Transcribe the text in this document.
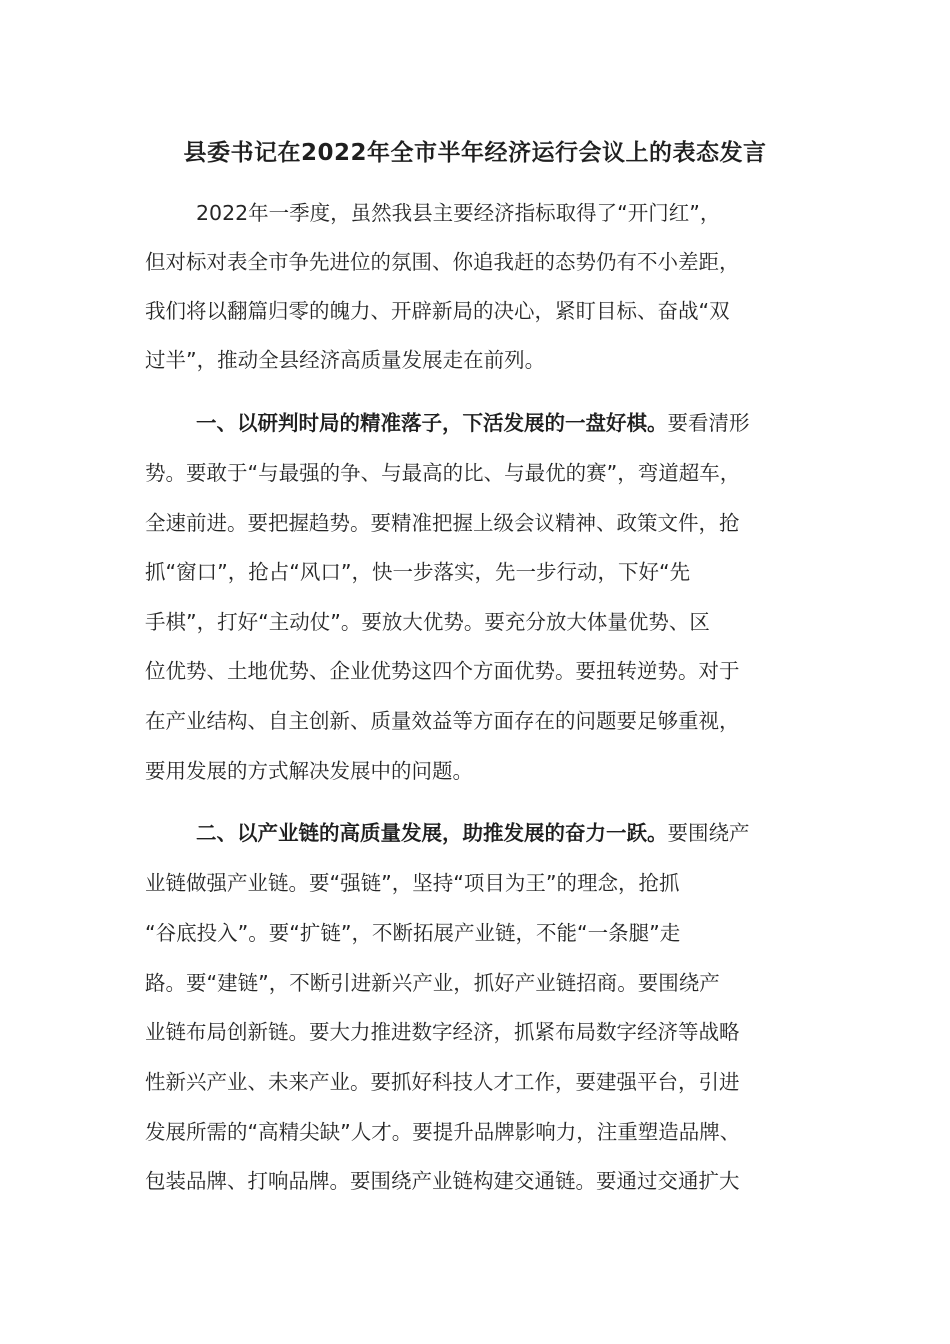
县委书记在2022年全市半年经济运行会议上的表态发言
2022年一季度，虽然我县主要经济指标取得了“开门红”，
但对标对表全市争先进位的氛围、你追我赶的态势仍有不小差距，
我们将以翻篇归零的魄力、开辟新局的决心，紧盯目标、奋战“双
过半”，推动全县经济高质量发展走在前列。
一、以研判时局的精准落子，下活发展的一盘好棋。要看清形
势。要敢于“与最强的争、与最高的比、与最优的赛”，弯道超车，
全速前进。要把握趋势。要精准把握上级会议精神、政策文件，抢
抓“窗口”，抢占“风口”，快一步落实，先一步行动，下好“先
手棋”，打好“主动仗”。要放大优势。要充分放大体量优势、区
位优势、土地优势、企业优势这四个方面优势。要扭转逆势。对于
在产业结构、自主创新、质量效益等方面存在的问题要足够重视，
要用发展的方式解决发展中的问题。
二、以产业链的高质量发展，助推发展的奋力一跃。要围绕产
业链做强产业链。要“强链”，坚持“项目为王”的理念，抢抓
“谷底投入”。要“扩链”，不断拓展产业链，不能“一条腿”走
路。要“建链”，不断引进新兴产业，抓好产业链招商。要围绕产
业链布局创新链。要大力推进数字经济，抓紧布局数字经济等战略
性新兴产业、未来产业。要抓好科技人才工作，要建强平台，引进
发展所需的“高精尖缺”人才。要提升品牌影响力，注重塑造品牌、
包装品牌、打响品牌。要围绕产业链构建交通链。要通过交通扩大
